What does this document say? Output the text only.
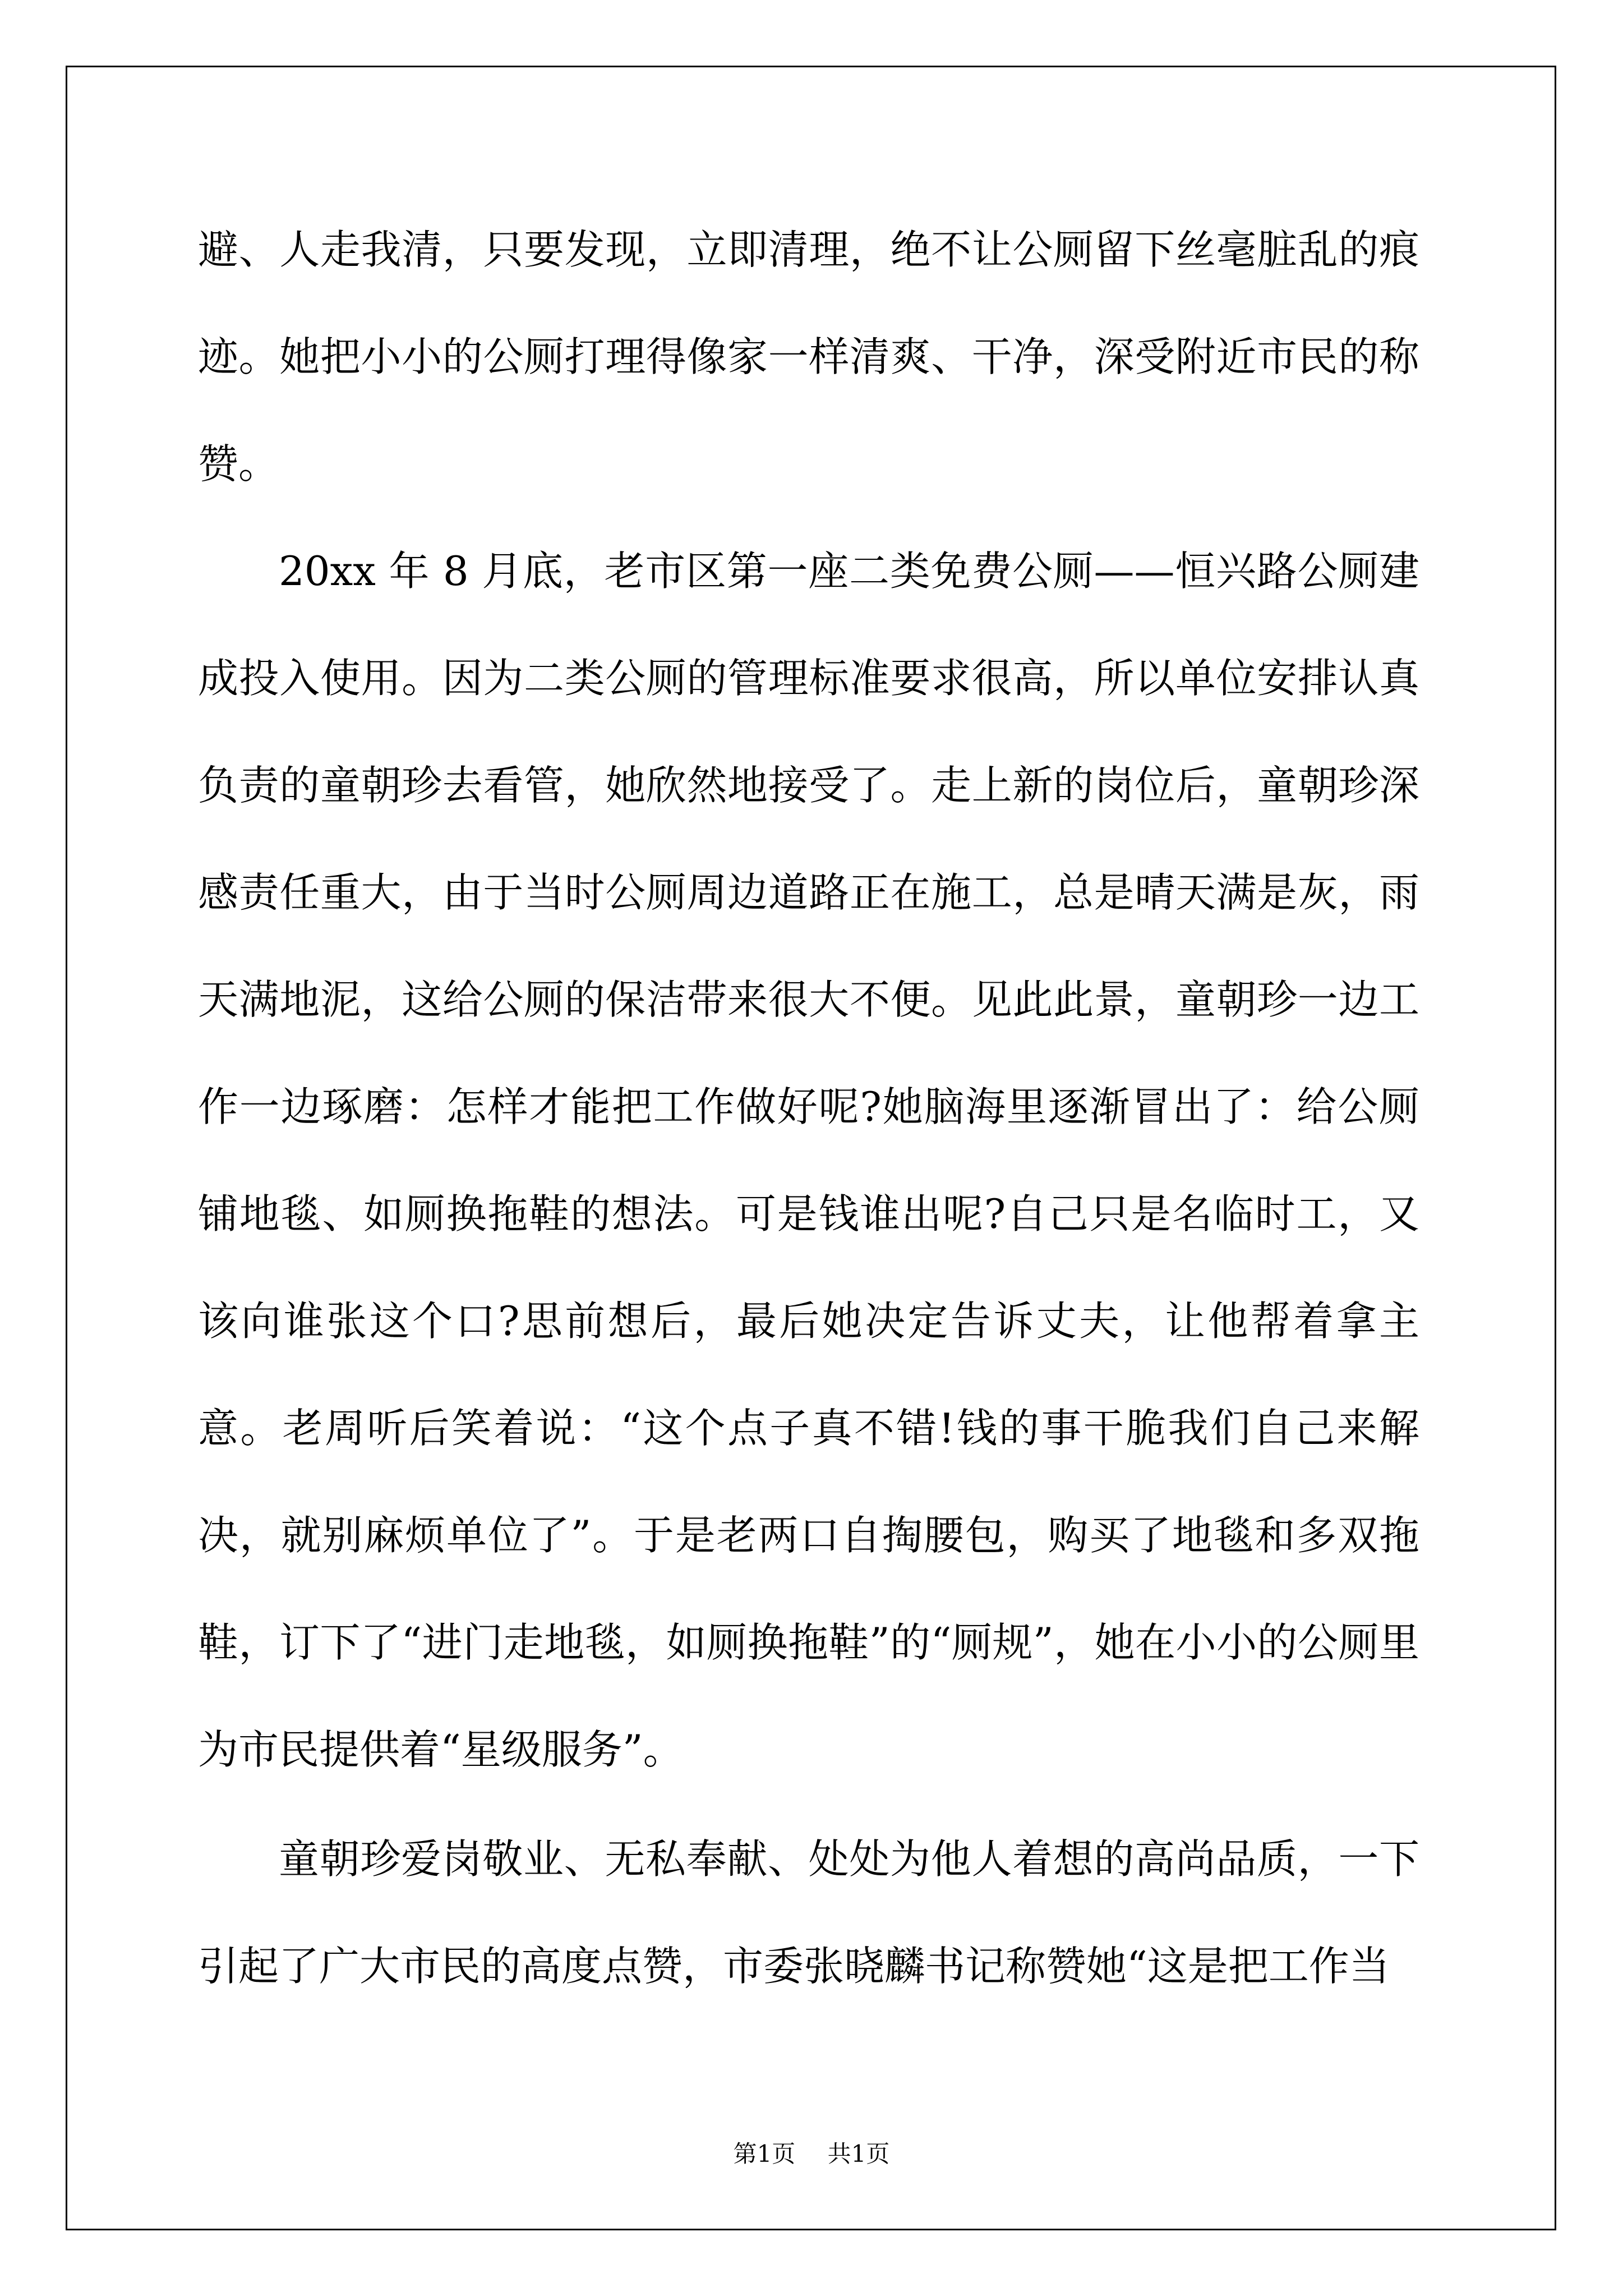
避、人走我清，只要发现，立即清理，绝不让公厕留下丝毫脏乱的痕迹。她把小小的公厕打理得像家一样清爽、干净，深受附近市民的称赞。

20xx 年 8 月底，老市区第一座二类免费公厕——恒兴路公厕建成投入使用。因为二类公厕的管理标准要求很高，所以单位安排认真负责的童朝珍去看管，她欣然地接受了。走上新的岗位后，童朝珍深感责任重大，由于当时公厕周边道路正在施工，总是晴天满是灰，雨天满地泥，这给公厕的保洁带来很大不便。见此此景，童朝珍一边工作一边琢磨：怎样才能把工作做好呢?她脑海里逐渐冒出了：给公厕铺地毯、如厕换拖鞋的想法。可是钱谁出呢?自己只是名临时工，又该向谁张这个口?思前想后，最后她决定告诉丈夫，让他帮着拿主意。老周听后笑着说：“这个点子真不错!钱的事干脆我们自己来解决，就别麻烦单位了”。于是老两口自掏腰包，购买了地毯和多双拖鞋，订下了“进门走地毯，如厕换拖鞋”的“厕规”，她在小小的公厕里为市民提供着“星级服务”。

童朝珍爱岗敬业、无私奉献、处处为他人着想的高尚品质，一下引起了广大市民的高度点赞，市委张晓麟书记称赞她“这是把工作当

第1页 共1页
